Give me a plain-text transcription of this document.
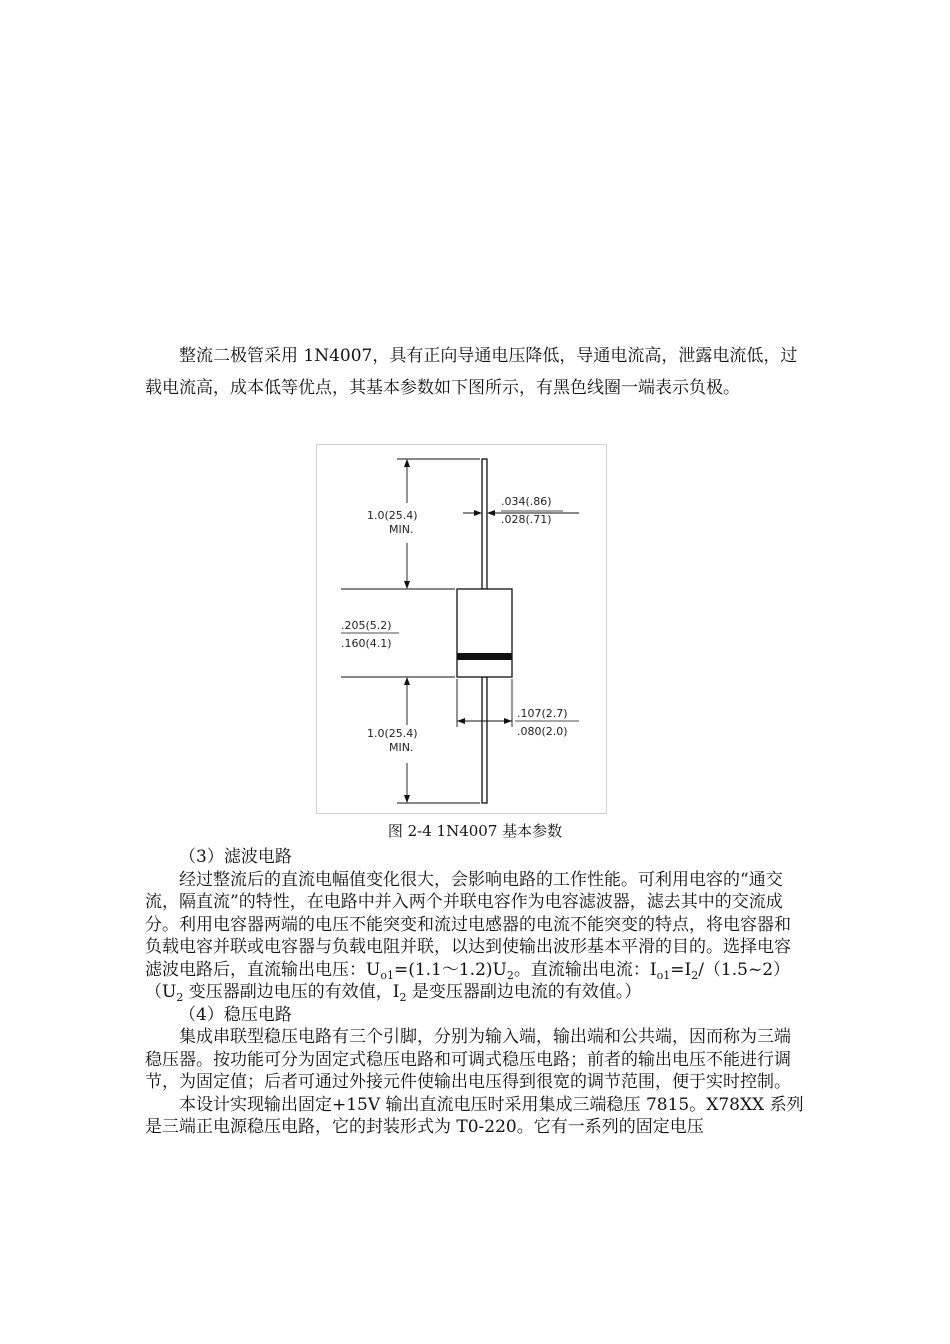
整流二极管采用 1N4007，具有正向导通电压降低，导通电流高，泄露电流低，过载电流高，成本低等优点，其基本参数如下图所示，有黑色线圈一端表示负极。

1.0(25.4)
MIN.
.034(.86)
.028(.71)
.205(5.2)
.160(4.1)
.107(2.7)
.080(2.0)
1.0(25.4)
MIN.
图 2-4 1N4007 基本参数

（3）滤波电路

经过整流后的直流电幅值变化很大，会影响电路的工作性能。可利用电容的“通交流，隔直流”的特性，在电路中并入两个并联电容作为电容滤波器，滤去其中的交流成分。利用电容器两端的电压不能突变和流过电感器的电流不能突变的特点，将电容器和负载电容并联或电容器与负载电阻并联，以达到使输出波形基本平滑的目的。选择电容滤波电路后，直流输出电压：$U_{o1}=(1.1\sim 1.2)U_2$。直流输出电流：$I_{o1}=I_2/(1.5\sim 2)(U_2$ 变压器副边电压的有效值，$I_2$ 是变压器副边电流的有效值。）

（4）稳压电路

集成串联型稳压电路有三个引脚，分别为输入端，输出端和公共端，因而称为三端稳压器。按功能可分为固定式稳压电路和可调式稳压电路；前者的输出电压不能进行调节，为固定值；后者可通过外接元件使输出电压得到很宽的调节范围，便于实时控制。

本设计实现输出固定+15V 输出直流电压时采用集成三端稳压 7815。X78XX 系列是三端正电源稳压电路，它的封装形式为 T0-220。它有一系列的固定电压
